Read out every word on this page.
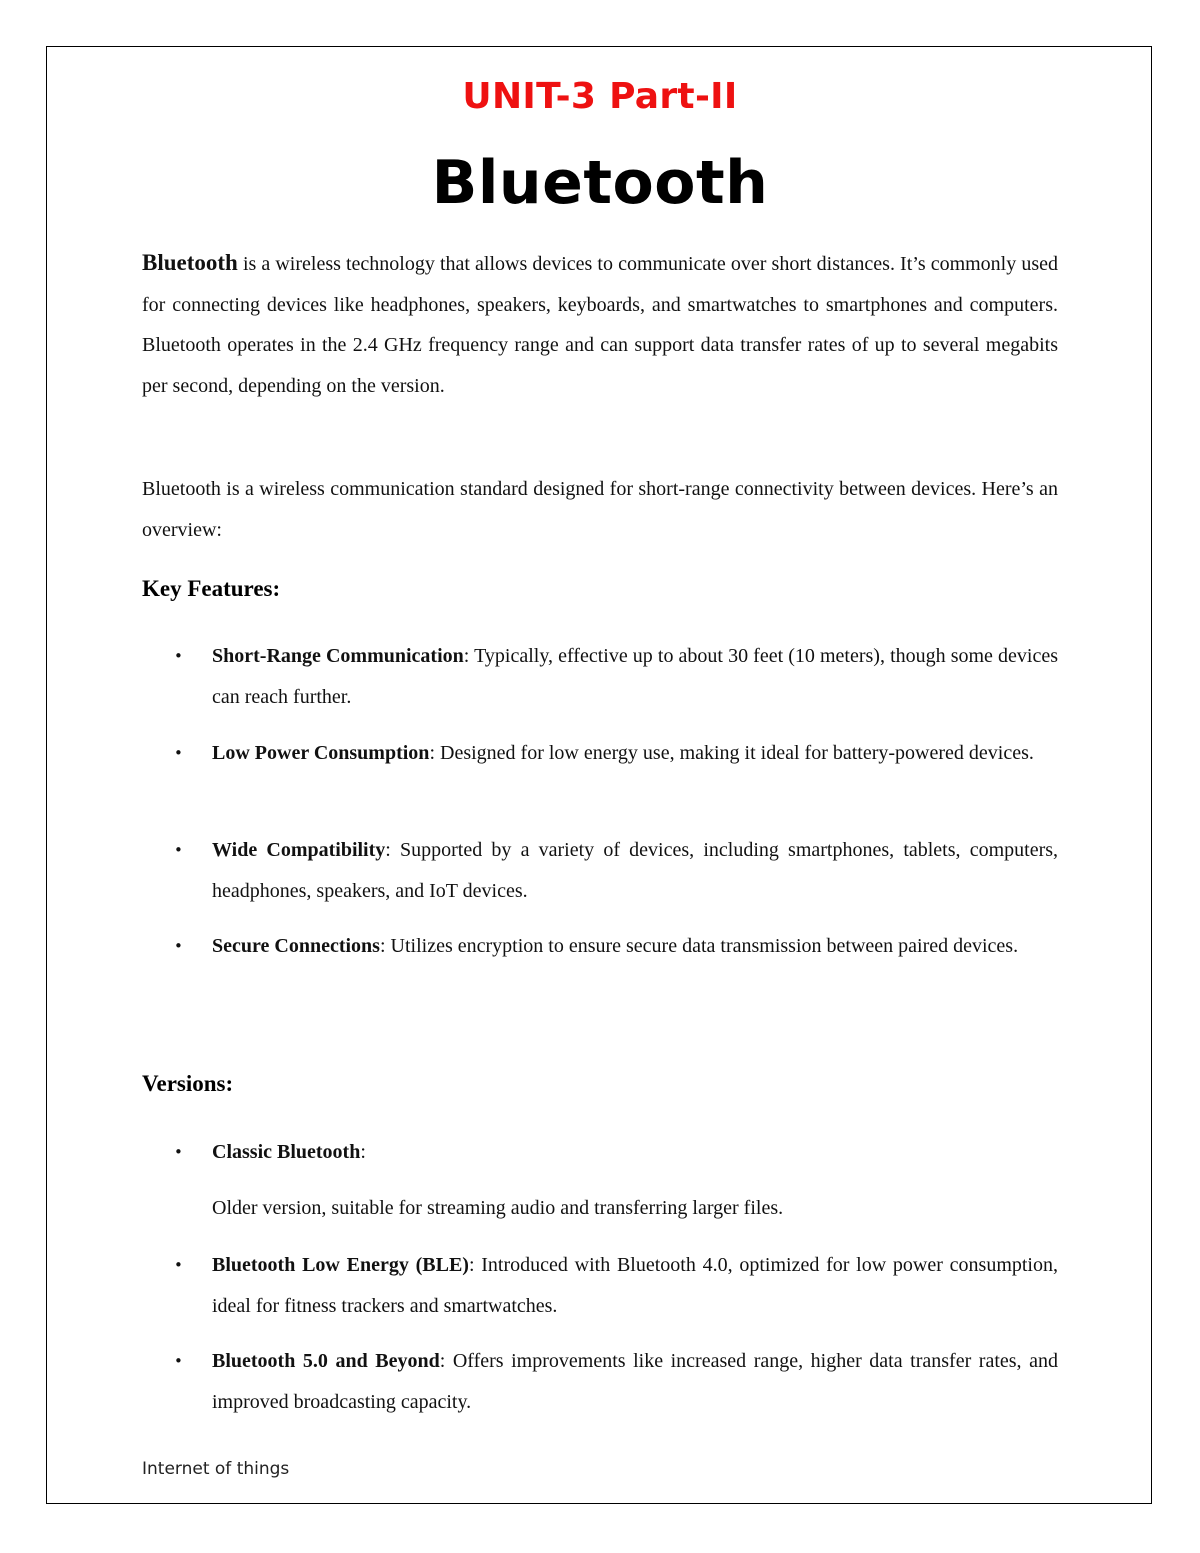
UNIT-3 Part-II
Bluetooth

Bluetooth is a wireless technology that allows devices to communicate over short distances. It’s commonly used for connecting devices like headphones, speakers, keyboards, and smartwatches to smartphones and computers. Bluetooth operates in the 2.4 GHz frequency range and can support data transfer rates of up to several megabits per second, depending on the version.

Bluetooth is a wireless communication standard designed for short-range connectivity between devices. Here’s an overview:

Key Features:

• Short-Range Communication: Typically, effective up to about 30 feet (10 meters), though some devices can reach further.

• Low Power Consumption: Designed for low energy use, making it ideal for battery-powered devices.

• Wide Compatibility: Supported by a variety of devices, including smartphones, tablets, computers, headphones, speakers, and IoT devices.

• Secure Connections: Utilizes encryption to ensure secure data transmission between paired devices.

Versions:

• Classic Bluetooth:

Older version, suitable for streaming audio and transferring larger files.

• Bluetooth Low Energy (BLE): Introduced with Bluetooth 4.0, optimized for low power consumption, ideal for fitness trackers and smartwatches.

• Bluetooth 5.0 and Beyond: Offers improvements like increased range, higher data transfer rates, and improved broadcasting capacity.

Internet of things
